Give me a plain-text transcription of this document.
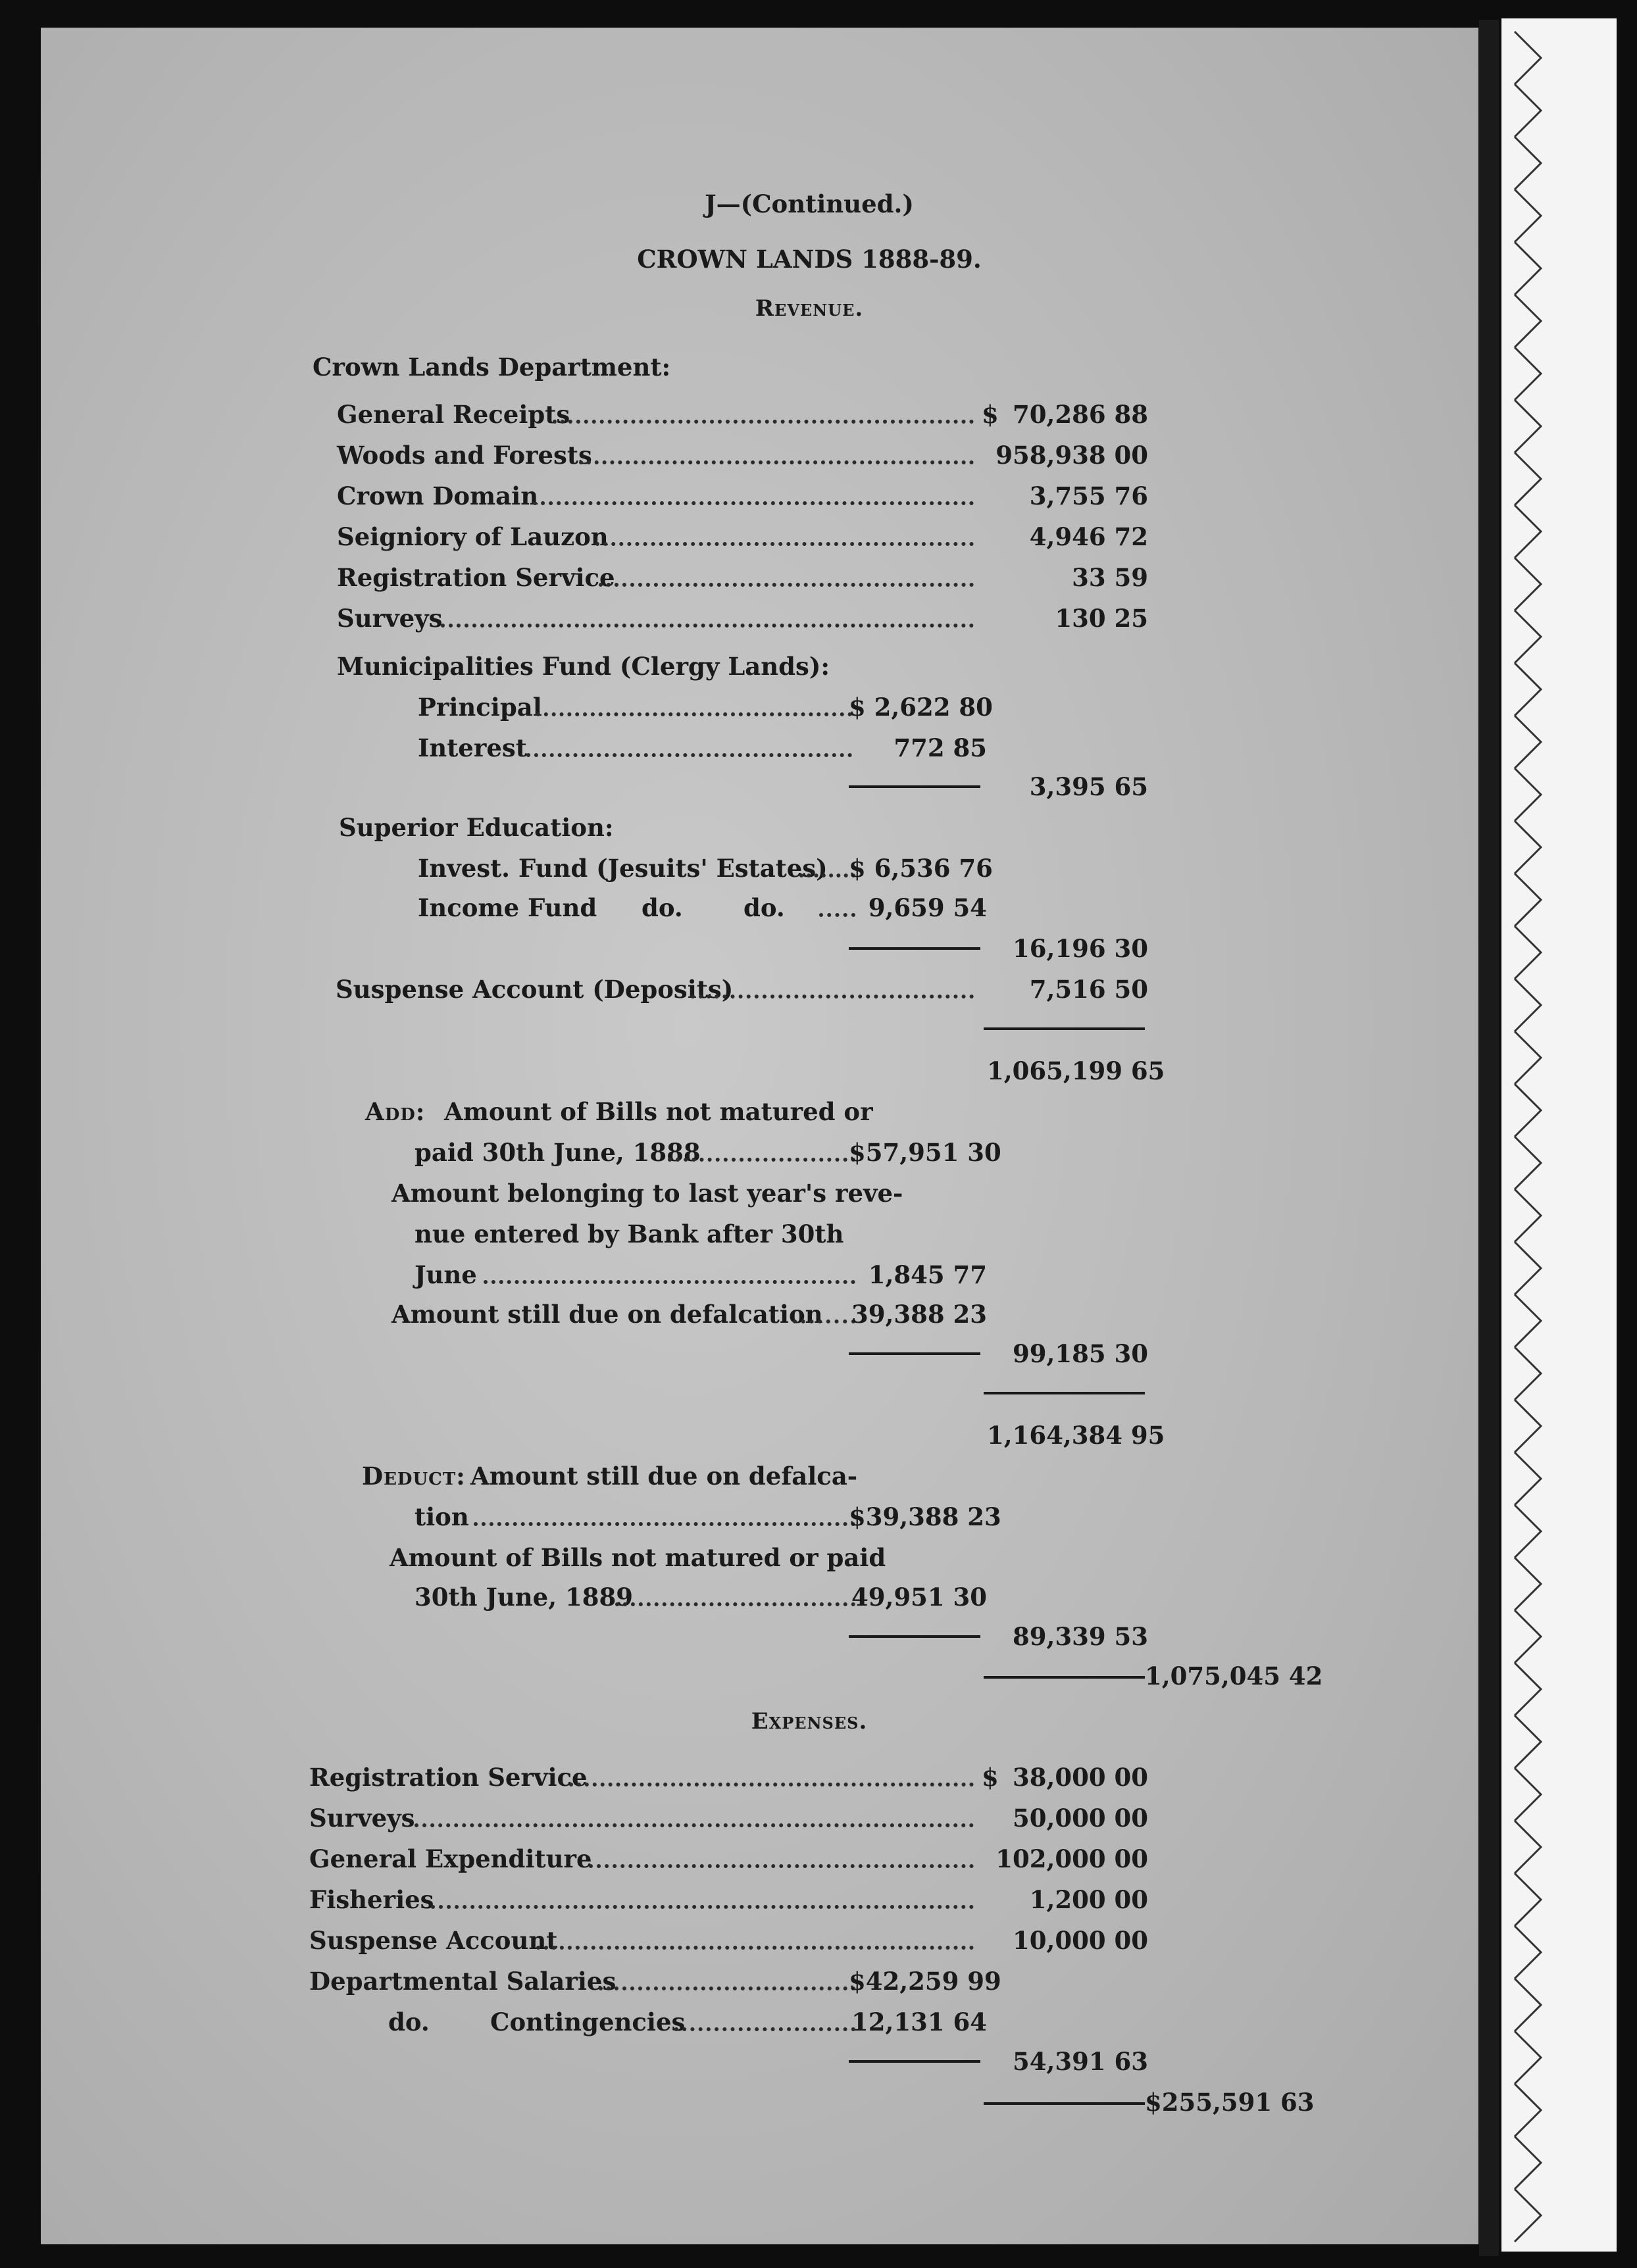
J—(Continued.)
CROWN LANDS 1888-89.
Revenue.
Crown Lands Department:
General Receipts	$ 70,286 88
Woods and Forests	958,938 00
Crown Domain	3,755 76
Seigniory of Lauzon	4,946 72
Registration Service	33 59
Surveys	130 25
Municipalities Fund (Clergy Lands):
Principal	$ 2,622 80
Interest	772 85
3,395 65
Superior Education:
Invest. Fund (Jesuits' Estates) $ 6,536 76
Income Fund do. do.	9,659 54
16,196 30
Suspense Account (Deposits)	7,516 50
1,065,199 65
Add: Amount of Bills not matured or
paid 30th June, 1888	$57,951 30
Amount belonging to last year's reve-
nue entered by Bank after 30th
June	1,845 77
Amount still due on defalcation 39,388 23
99,185 30
1,164,384 95
Deduct: Amount still due on defalca-
tion	$39,388 23
Amount of Bills not matured or paid
30th June, 1889	49,951 30
89,339 53
1,075,045 42
Expenses.
Registration Service	$ 38,000 00
Surveys	50,000 00
General Expenditure	102,000 00
Fisheries	1,200 00
Suspense Account	10,000 00
Departmental Salaries	$42,259 99
do. Contingencies	12,131 64
54,391 63
$255,591 63
